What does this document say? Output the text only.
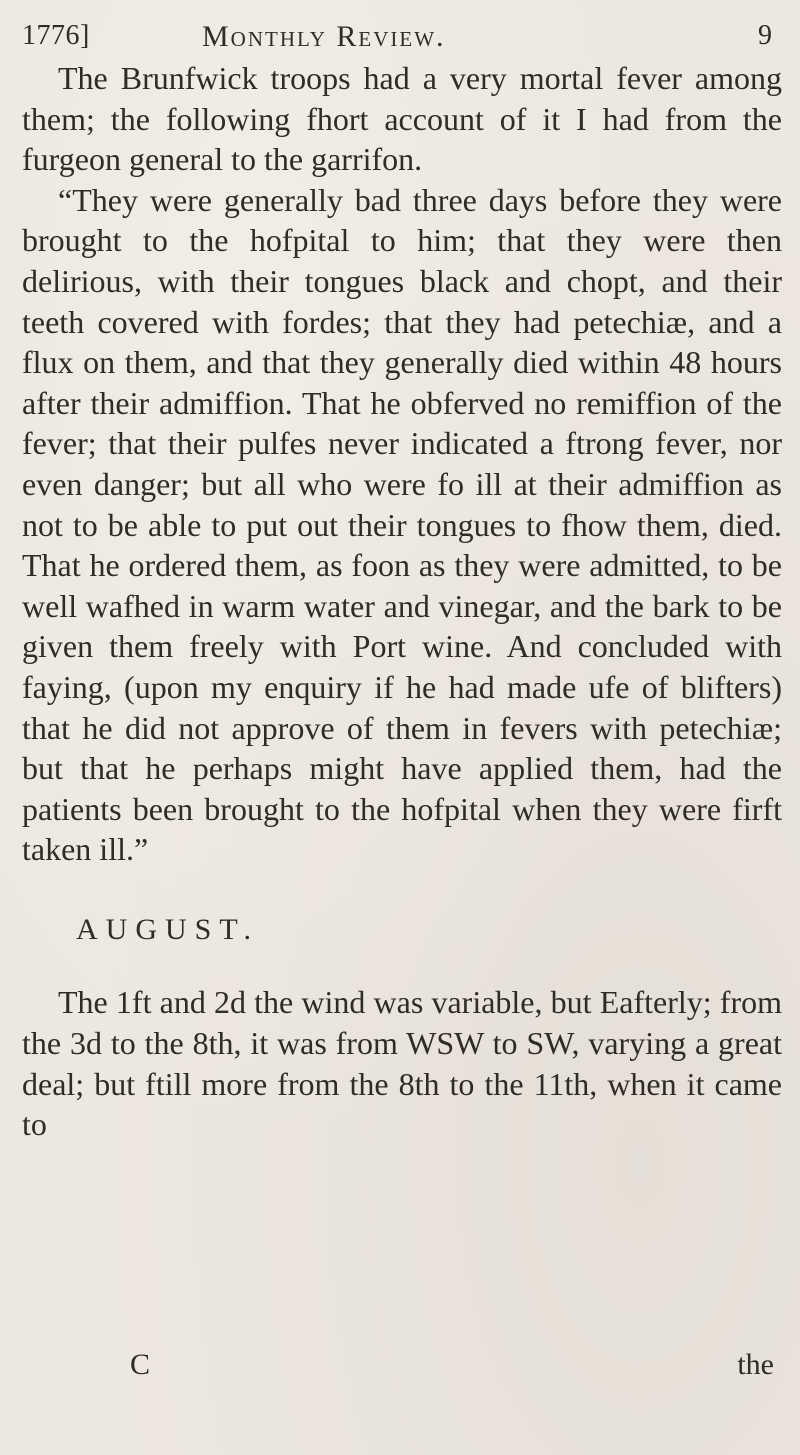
1776]	Monthly Review.	9

The Brunfwick troops had a very mortal fever among them; the following fhort account of it I had from the furgeon general to the garrifon.

“They were generally bad three days before they were brought to the hofpital to him; that they were then delirious, with their tongues black and chopt, and their teeth covered with fordes; that they had petechiæ, and a flux on them, and that they generally died within 48 hours after their admiffion. That he obferved no remiffion of the fever; that their pulfes never indicated a ftrong fever, nor even danger; but all who were fo ill at their admiffion as not to be able to put out their tongues to fhow them, died. That he ordered them, as foon as they were admitted, to be well wafhed in warm water and vinegar, and the bark to be given them freely with Port wine. And concluded with faying, (upon my enquiry if he had made ufe of blifters) that he did not approve of them in fevers with petechiæ; but that he perhaps might have applied them, had the patients been brought to the hofpital when they were firft taken ill.”

AUGUST.

The 1ft and 2d the wind was variable, but Eafterly; from the 3d to the 8th, it was from WSW to SW, varying a great deal; but ftill more from the 8th to the 11th, when it came to

C	the
